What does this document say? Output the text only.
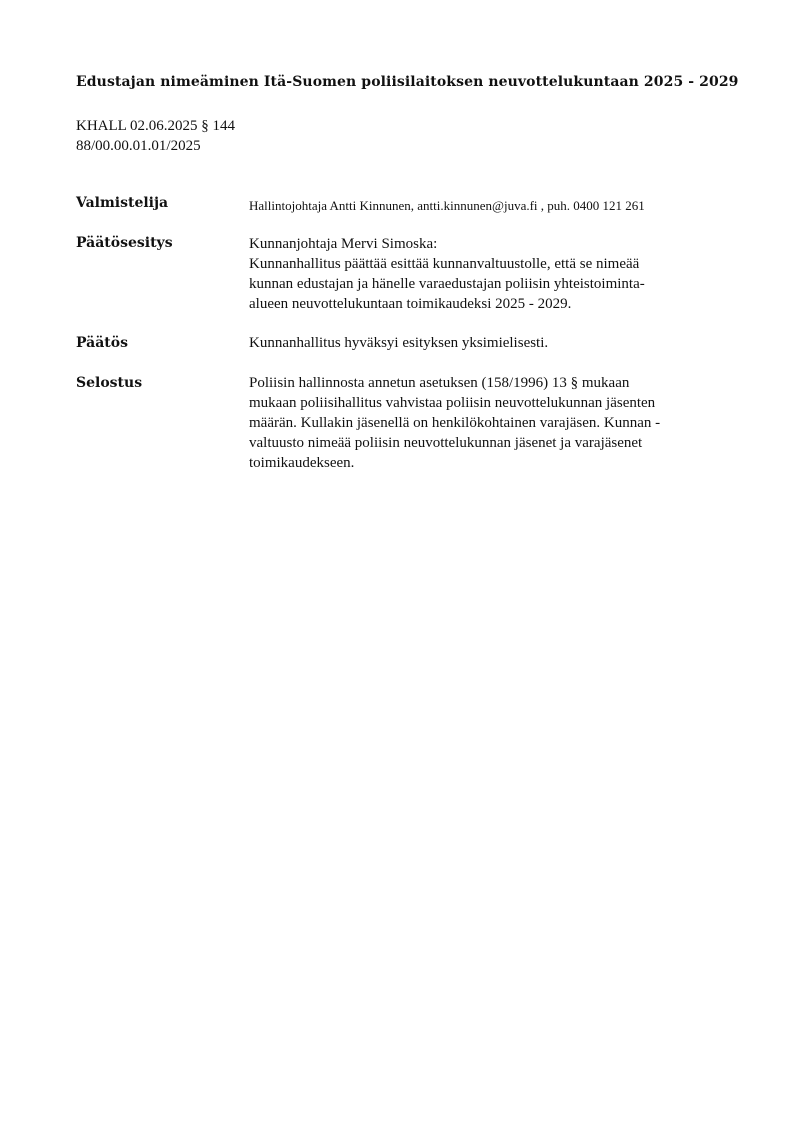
Edustajan nimeäminen Itä-Suomen poliisilaitoksen neuvottelukuntaan 2025 - 2029
KHALL 02.06.2025 § 144
88/00.00.01.01/2025
Valmistelija	Hallintojohtaja Antti Kinnunen, antti.kinnunen@juva.fi , puh. 0400 121 261
Päätösesitys	Kunnanjohtaja Mervi Simoska:
Kunnanhallitus päättää esittää kunnanvaltuustolle, että se nimeää
kunnan edustajan ja hänelle varaedustajan poliisin yhteistoiminta-
alueen neuvottelukuntaan toimikaudeksi 2025 - 2029.
Päätös	Kunnanhallitus hyväksyi esityksen yksimielisesti.
Selostus	Poliisin hallinnosta annetun asetuksen (158/1996) 13 § mukaan
mukaan poliisihallitus vahvistaa poliisin neuvottelukunnan jäsenten
määrän. Kullakin jäsenellä on henkilökohtainen varajäsen. Kunnan -
valtuusto nimeää poliisin neuvottelukunnan jäsenet ja varajäsenet
toimikaudekseen.
